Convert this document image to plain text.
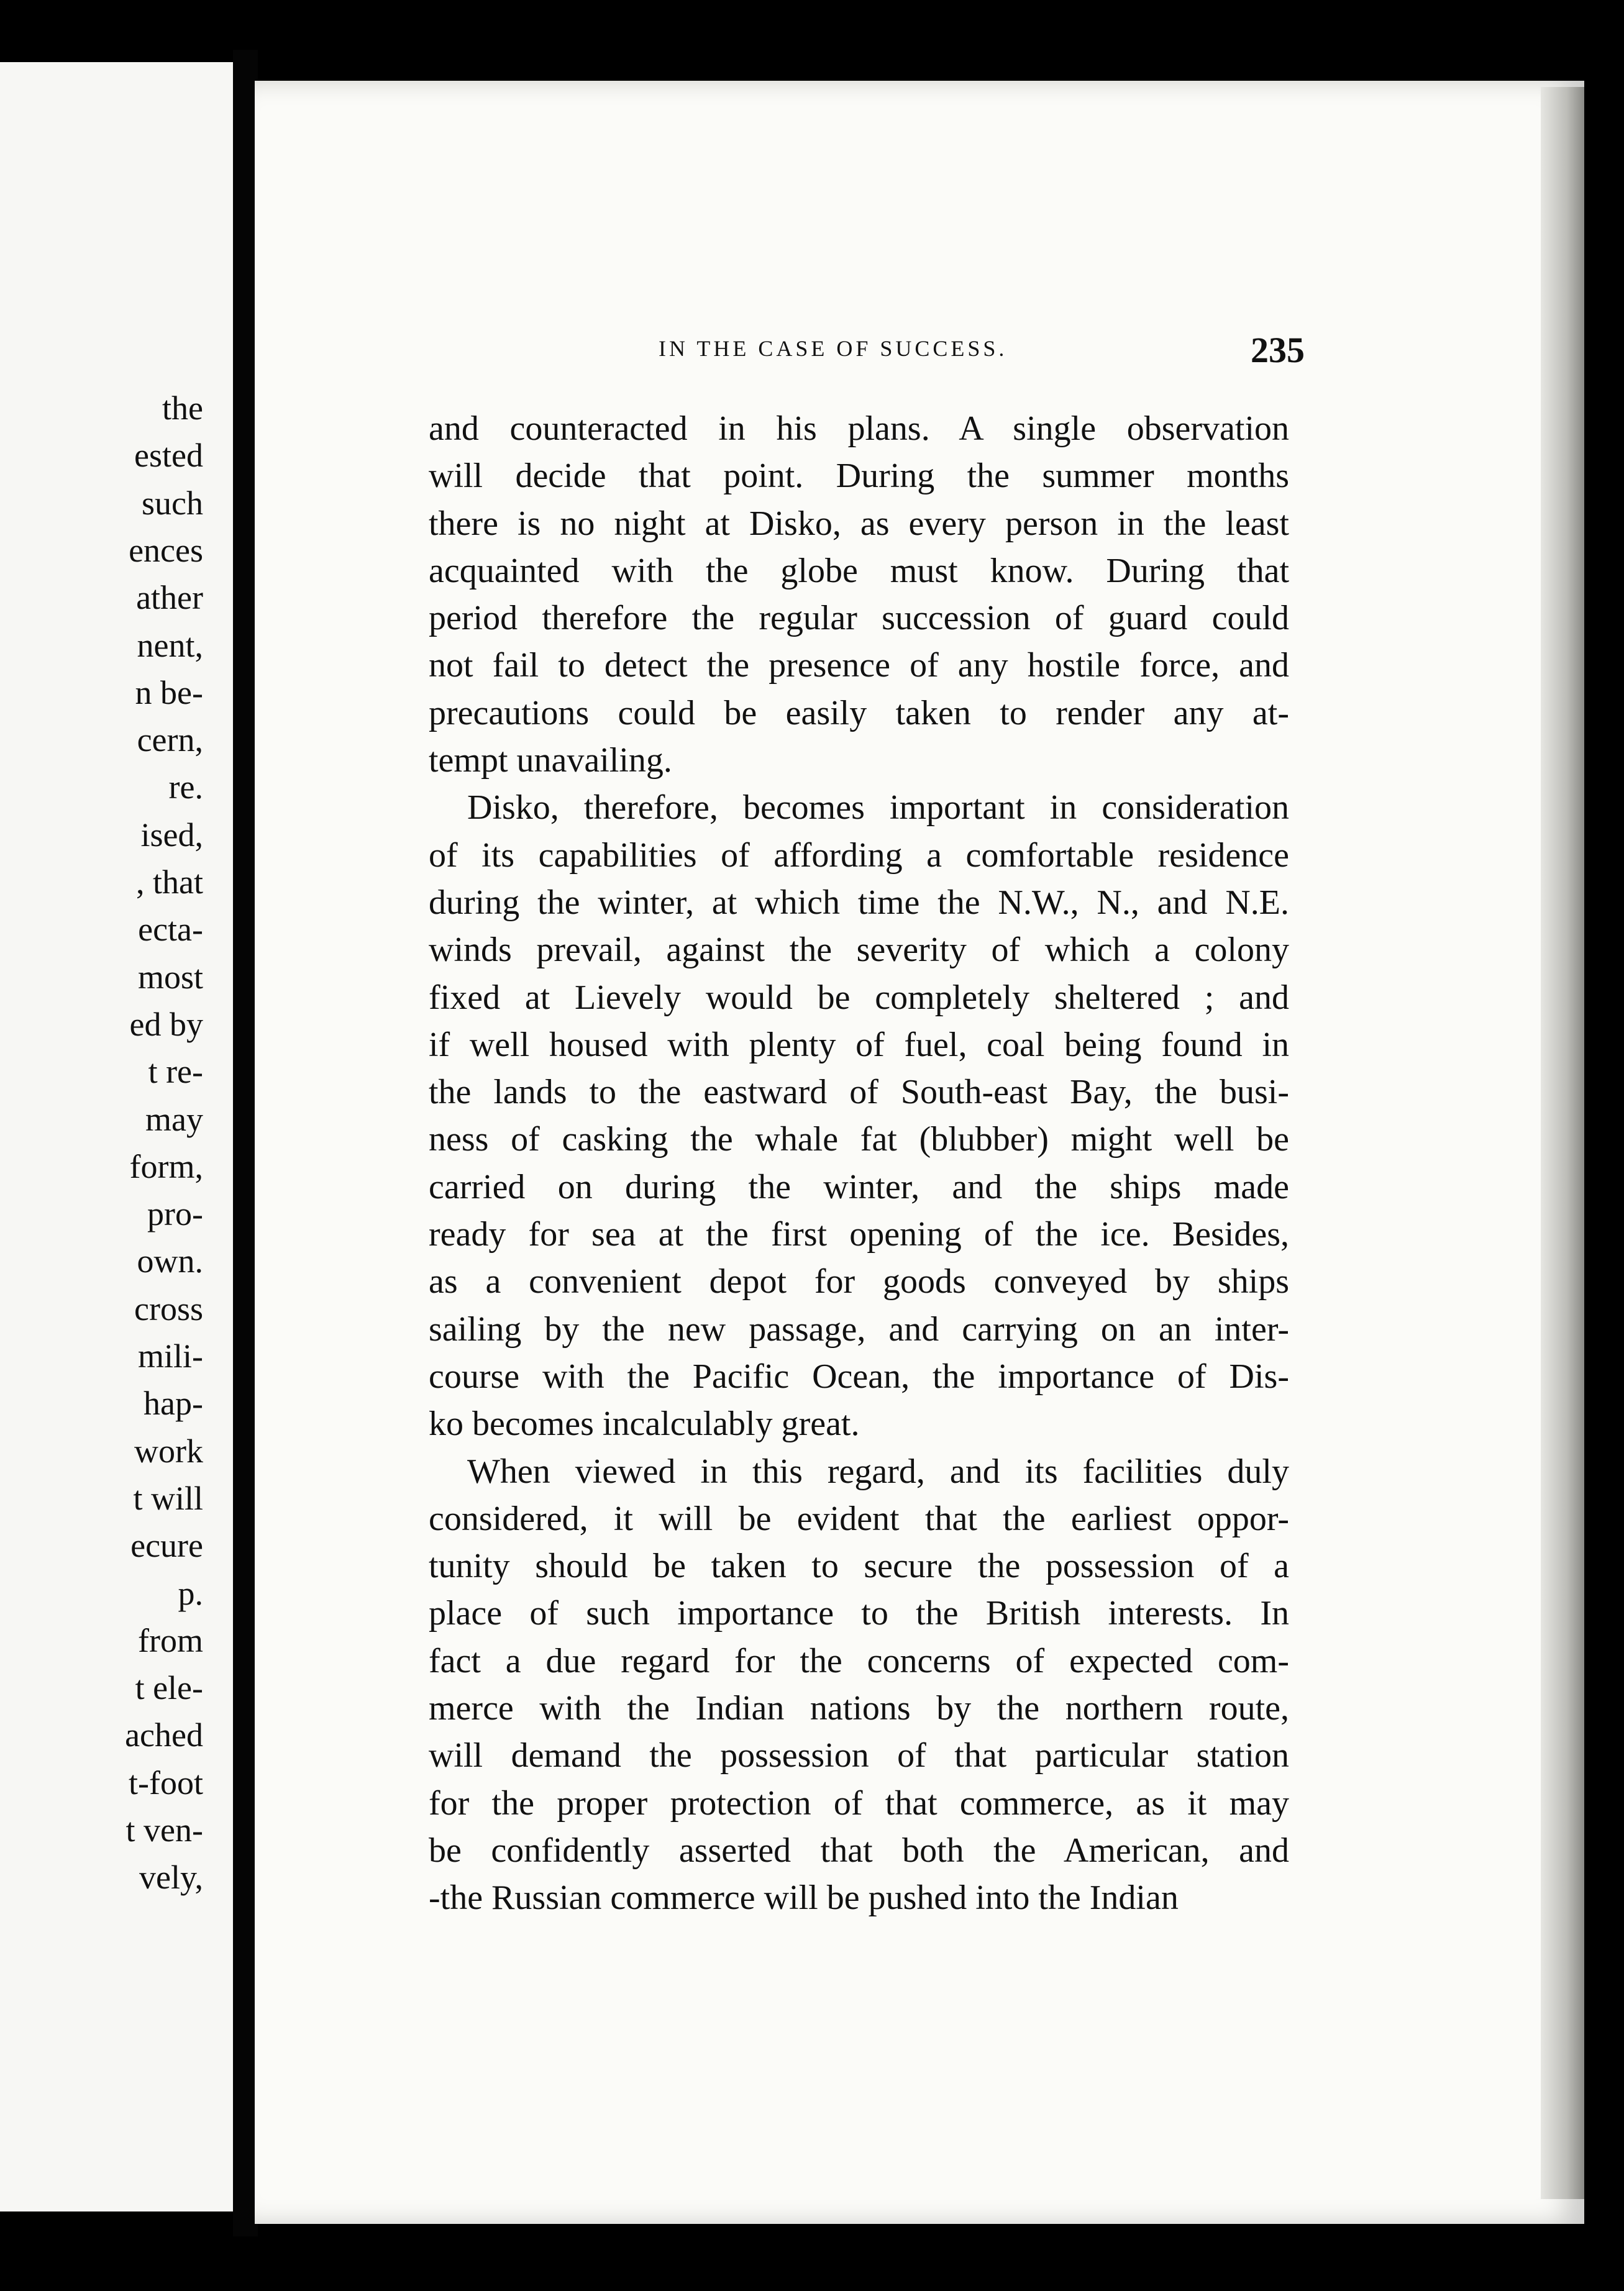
the
ested
such
ences
ather
nent,
n be-
cern,
re.
ised,
, that
ecta-
most
ed by
t re-
may
form,
pro-
own.
cross
mili-
hap-
work
t will
ecure
p.
from
t ele-
ached
t-foot
t ven-
vely,
IN THE CASE OF SUCCESS.	235
and counteracted in his plans. A single observation
will decide that point. During the summer months
there is no night at Disko, as every person in the least
acquainted with the globe must know. During that
period therefore the regular succession of guard could
not fail to detect the presence of any hostile force, and
precautions could be easily taken to render any at-
tempt unavailing.
Disko, therefore, becomes important in consideration
of its capabilities of affording a comfortable residence
during the winter, at which time the N.W., N., and N.E.
winds prevail, against the severity of which a colony
fixed at Lievely would be completely sheltered ; and
if well housed with plenty of fuel, coal being found in
the lands to the eastward of South-east Bay, the busi-
ness of casking the whale fat (blubber) might well be
carried on during the winter, and the ships made
ready for sea at the first opening of the ice. Besides,
as a convenient depot for goods conveyed by ships
sailing by the new passage, and carrying on an inter-
course with the Pacific Ocean, the importance of Dis-
ko becomes incalculably great.
When viewed in this regard, and its facilities duly
considered, it will be evident that the earliest oppor-
tunity should be taken to secure the possession of a
place of such importance to the British interests. In
fact a due regard for the concerns of expected com-
merce with the Indian nations by the northern route,
will demand the possession of that particular station
for the proper protection of that commerce, as it may
be confidently asserted that both the American, and
-the Russian commerce will be pushed into the Indian
